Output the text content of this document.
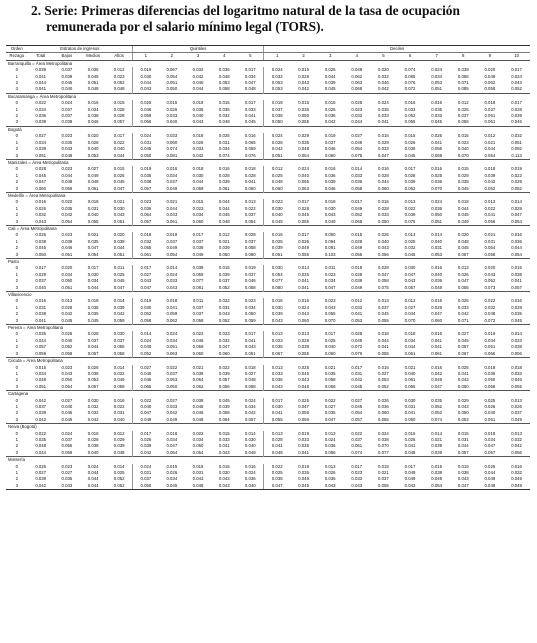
2. Serie: Primeras diferencias del logaritmo natural de la tasa de ocupación
remunerada por el salario mínimo legal (TORS).
Orden	Estratos de ingresos				Quintiles					Deciles									
Rezago	Total	Bajos	Medios	Altos	1	2	3	4	5	1	2	3	4	5	6	7	8	9	10
Barranquilla = Área Metropolitana																			
0	0.039	0.037	0.036	0.012	0.019	0.067	0.032	0.036	0.017	0.024	0.015	0.026	0.049	0.020	0.074	0.024	0.039	0.020	0.017
1	0.041	0.039	0.045	0.023	0.030	0.054	0.042	0.048	0.034	0.032	0.029	0.044	0.062	0.032	0.085	0.034	0.056	0.049	0.024
2	0.044	0.045	0.051	0.062	0.044	0.051	0.045	0.053	0.047	0.053	0.043	0.039	0.063	0.046	0.076	0.053	0.071	0.062	0.043
3	0.041	0.040	0.048	0.048	0.043	0.050	0.044	0.058	0.048	0.053	0.042	0.045	0.068	0.042	0.072	0.051	0.085	0.058	0.052
Bucaramanga = Área Metropolitana																			
0	0.022	0.024	0.016	0.015	0.025	0.015	0.019	0.015	0.017	0.018	0.015	0.015	0.025	0.024	0.016	0.016	0.012	0.018	0.017
1	0.034	0.037	0.034	0.028	0.046	0.026	0.036	0.035	0.033	0.037	0.036	0.026	0.023	0.035	0.033	0.035	0.026	0.037	0.028
2	0.036	0.037	0.038	0.028	0.059	0.033	0.040	0.032	0.041	0.038	0.050	0.036	0.033	0.033	0.052	0.033	0.037	0.051	0.039
3	0.039	0.039	0.046	0.057	0.066	0.040	0.043	0.048	0.045	0.050	0.055	0.042	0.044	0.041	0.055	0.045	0.056	0.061	0.046
Bogotá																			
0	0.027	0.023	0.020	0.017	0.024	0.033	0.018	0.025	0.016	0.024	0.029	0.019	0.027	0.016	0.015	0.026	0.015	0.012	0.032
1	0.034	0.035	0.028	0.022	0.031	0.060	0.026	0.031	0.065	0.028	0.035	0.037	0.049	0.029	0.026	0.041	0.023	0.021	0.051
2	0.039	0.043	0.040	0.040	0.045	0.074	0.033	0.034	0.059	0.042	0.048	0.046	0.054	0.033	0.038	0.056	0.040	0.044	0.092
3	0.051	0.048	0.053	0.044	0.050	0.081	0.042	0.074	0.076	0.051	0.054	0.060	0.075	0.047	0.045	0.069	0.070	0.054	0.113
Manizales = Área Metropolitana																			
0	0.028	0.023	0.027	0.015	0.019	0.016	0.018	0.016	0.018	0.012	0.024	0.016	0.014	0.016	0.017	0.016	0.015	0.018	0.019
1	0.045	0.044	0.049	0.026	0.035	0.034	0.030	0.028	0.028	0.025	0.040	0.036	0.033	0.028	0.028	0.025	0.029	0.039	0.022
2	0.047	0.048	0.048	0.045	0.038	0.037	0.044	0.039	0.041	0.048	0.065	0.039	0.036	0.044	0.039	0.036	0.038	0.042	0.029
3	0.060	0.059	0.061	0.047	0.057	0.049	0.059	0.061	0.050	0.060	0.063	0.046	0.058	0.060	0.052	0.070	0.045	0.052	0.052
Medellín = Área Metropolitana																			
0	0.016	0.020	0.018	0.021	0.023	0.021	0.015	0.044	0.013	0.023	0.017	0.018	0.017	0.016	0.013	0.024	0.018	0.013	0.014
1	0.026	0.035	0.031	0.030	0.036	0.044	0.023	0.044	0.022	0.030	0.028	0.030	0.049	0.028	0.022	0.036	0.044	0.022	0.028
2	0.032	0.042	0.040	0.043	0.054	0.043	0.034	0.045	0.037	0.040	0.045	0.043	0.052	0.033	0.039	0.050	0.045	0.041	0.047
3	0.043	0.054	0.055	0.061	0.057	0.061	0.060	0.048	0.054	0.045	0.055	0.049	0.068	0.050	0.075	0.051	0.049	0.056	0.054
Cali = Área Metropolitana																			
0	0.026	0.023	0.021	0.020	0.018	0.019	0.017	0.012	0.028	0.016	0.017	0.050	0.015	0.026	0.013	0.014	0.020	0.021	0.016
1	0.038	0.039	0.035	0.038	0.032	0.037	0.037	0.021	0.037	0.025	0.035	0.094	0.029	0.040	0.025	0.040	0.048	0.031	0.036
2	0.045	0.046	0.047	0.044	0.055	0.049	0.039	0.039	0.058	0.039	0.049	0.091	0.049	0.043	0.032	0.031	0.045	0.054	0.044
3	0.050	0.051	0.054	0.051	0.061	0.054	0.049	0.050	0.080	0.051	0.055	0.103	0.055	0.056	0.045	0.053	0.057	0.058	0.054
Pasto																			
0	0.017	0.020	0.017	0.011	0.017	0.014	0.039	0.015	0.019	0.030	0.014	0.011	0.019	0.028	0.030	0.016	0.013	0.020	0.015
1	0.029	0.034	0.030	0.025	0.027	0.024	0.059	0.039	0.037	0.054	0.026	0.023	0.028	0.047	0.047	0.040	0.026	0.043	0.038
2	0.037	0.050	0.034	0.045	0.043	0.033	0.077	0.037	0.046	0.077	0.041	0.034	0.039	0.058	0.043	0.036	0.047	0.052	0.041
3	0.040	0.051	0.044	0.047	0.047	0.043	0.081	0.052	0.058	0.080	0.041	0.047	0.049	0.075	0.057	0.048	0.055	0.073	0.057
Villavicencio																			
0	0.016	0.013	0.018	0.014	0.019	0.018	0.011	0.022	0.023	0.016	0.016	0.023	0.012	0.013	0.013	0.016	0.026	0.022	0.016
1	0.031	0.028	0.035	0.039	0.030	0.041	0.037	0.031	0.034	0.030	0.024	0.043	0.033	0.037	0.027	0.029	0.033	0.032	0.028
2	0.038	0.042	0.035	0.042	0.052	0.059	0.037	0.043	0.050	0.039	0.043	0.055	0.041	0.045	0.044	0.047	0.042	0.048	0.035
3	0.041	0.045	0.045	0.059	0.058	0.062	0.058	0.052	0.059	0.043	0.060	0.070	0.053	0.055	0.070	0.060	0.071	0.072	0.045
Pereira = Área Metropolitana																			
0	0.035	0.026	0.028	0.030	0.014	0.024	0.022	0.023	0.017	0.013	0.013	0.017	0.028	0.018	0.018	0.016	0.027	0.019	0.014
1	0.044	0.040	0.037	0.037	0.024	0.034	0.046	0.032	0.041	0.023	0.029	0.025	0.045	0.044	0.034	0.041	0.045	0.034	0.023
2	0.057	0.052	0.044	0.055	0.040	0.051	0.059	0.047	0.043	0.035	0.039	0.040	0.072	0.041	0.044	0.041	0.057	0.051	0.038
3	0.059	0.058	0.057	0.058	0.052	0.063	0.060	0.060	0.061	0.067	0.055	0.060	0.076	0.055	0.061	0.061	0.067	0.066	0.056
Cúcuta = Área Metropolitana																			
0	0.015	0.023	0.026	0.014	0.027	0.022	0.021	0.022	0.018	0.013	0.025	0.021	0.017	0.016	0.021	0.016	0.026	0.018	0.018
1	0.034	0.043	0.036	0.022	0.045	0.037	0.039	0.039	0.027	0.033	0.045	0.035	0.031	0.027	0.040	0.042	0.041	0.036	0.033
2	0.048	0.050	0.053	0.049	0.046	0.053	0.064	0.057	0.048	0.036	0.043	0.058	0.042	0.053	0.061	0.048	0.043	0.050	0.046
3	0.051	0.054	0.057	0.059	0.065	0.050	0.062	0.056	0.058	0.043	0.048	0.068	0.045	0.052	0.065	0.047	0.060	0.058	0.055
Cartagena																			
0	0.042	0.027	0.030	0.016	0.022	0.027	0.038	0.045	0.024	0.017	0.025	0.022	0.027	0.026	0.030	0.035	0.029	0.025	0.013
1	0.037	0.040	0.032	0.022	0.040	0.033	0.048	0.039	0.034	0.030	0.047	0.027	0.045	0.036	0.031	0.052	0.043	0.026	0.026
2	0.039	0.046	0.032	0.031	0.047	0.042	0.046	0.058	0.042	0.041	0.056	0.035	0.054	0.060	0.041	0.052	0.050	0.040	0.037
3	0.042	0.045	0.042	0.040	0.049	0.049	0.048	0.064	0.057	0.055	0.056	0.047	0.057	0.055	0.050	0.074	0.053	0.051	0.049
Neiva (Bogotá)																			
0	0.022	0.024	0.016	0.012	0.017	0.018	0.022	0.015	0.014	0.013	0.019	0.013	0.022	0.024	0.016	0.014	0.015	0.018	0.013
1	0.035	0.037	0.028	0.029	0.026	0.034	0.034	0.033	0.030	0.028	0.033	0.024	0.037	0.038	0.026	0.021	0.031	0.034	0.032
2	0.048	0.056	0.038	0.039	0.039	0.047	0.050	0.041	0.040	0.041	0.035	0.036	0.061	0.070	0.041	0.039	0.044	0.047	0.042
3	0.044	0.059	0.040	0.048	0.042	0.064	0.054	0.043	0.049	0.048	0.041	0.056	0.074	0.077	0.048	0.039	0.057	0.057	0.056
Montería																			
0	0.026	0.023	0.024	0.014	0.024	0.015	0.018	0.015	0.016	0.022	0.019	0.013	0.017	0.015	0.017	0.015	0.019	0.025	0.016
1	0.027	0.027	0.044	0.025	0.031	0.026	0.031	0.030	0.024	0.025	0.035	0.026	0.023	0.021	0.049	0.038	0.038	0.044	0.032
2	0.039	0.035	0.044	0.052	0.037	0.034	0.043	0.043	0.036	0.038	0.046	0.036	0.033	0.037	0.049	0.049	0.043	0.049	0.049
3	0.042	0.043	0.044	0.052	0.050	0.045	0.048	0.043	0.040	0.047	0.045	0.043	0.043	0.055	0.043	0.054	0.047	0.049	0.049
